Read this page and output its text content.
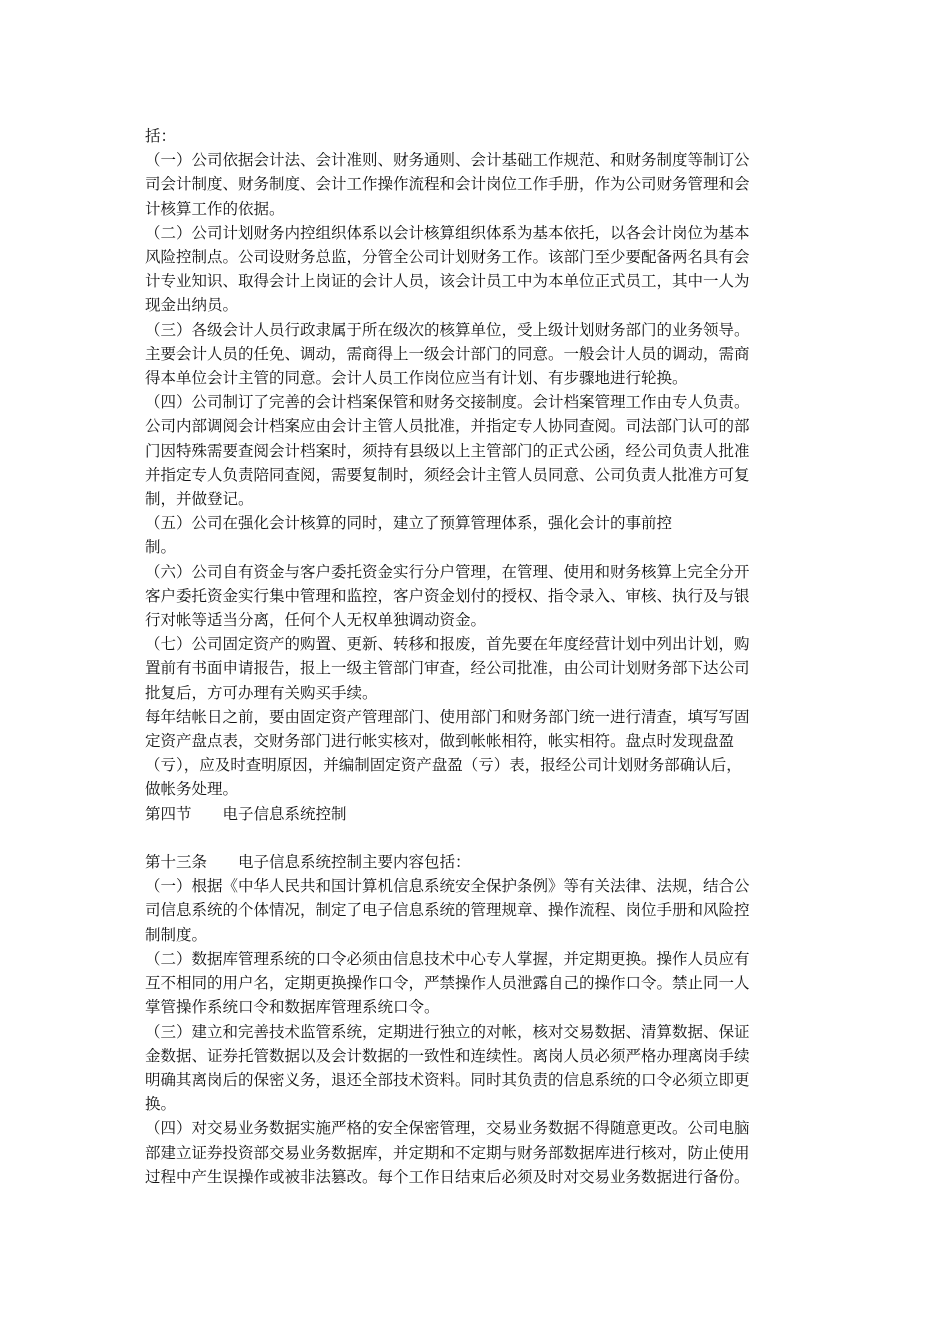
括：
（一）公司依据会计法、会计准则、财务通则、会计基础工作规范、和财务制度等制订公
司会计制度、财务制度、会计工作操作流程和会计岗位工作手册，作为公司财务管理和会
计核算工作的依据。
（二）公司计划财务内控组织体系以会计核算组织体系为基本依托，以各会计岗位为基本
风险控制点。公司设财务总监，分管全公司计划财务工作。该部门至少要配备两名具有会
计专业知识、取得会计上岗证的会计人员，该会计员工中为本单位正式员工，其中一人为
现金出纳员。
（三）各级会计人员行政隶属于所在级次的核算单位，受上级计划财务部门的业务领导。
主要会计人员的任免、调动，需商得上一级会计部门的同意。一般会计人员的调动，需商
得本单位会计主管的同意。会计人员工作岗位应当有计划、有步骤地进行轮换。
（四）公司制订了完善的会计档案保管和财务交接制度。会计档案管理工作由专人负责。
公司内部调阅会计档案应由会计主管人员批准，并指定专人协同查阅。司法部门认可的部
门因特殊需要查阅会计档案时，须持有县级以上主管部门的正式公函，经公司负责人批准
并指定专人负责陪同查阅，需要复制时，须经会计主管人员同意、公司负责人批准方可复
制，并做登记。
（五）公司在强化会计核算的同时，建立了预算管理体系，强化会计的事前控
制。
（六）公司自有资金与客户委托资金实行分户管理，在管理、使用和财务核算上完全分开
客户委托资金实行集中管理和监控，客户资金划付的授权、指令录入、审核、执行及与银
行对帐等适当分离，任何个人无权单独调动资金。
（七）公司固定资产的购置、更新、转移和报废，首先要在年度经营计划中列出计划，购
置前有书面申请报告，报上一级主管部门审查，经公司批准，由公司计划财务部下达公司
批复后，方可办理有关购买手续。
每年结帐日之前，要由固定资产管理部门、使用部门和财务部门统一进行清查，填写写固
定资产盘点表，交财务部门进行帐实核对，做到帐帐相符，帐实相符。盘点时发现盘盈
（亏），应及时查明原因，并编制固定资产盘盈（亏）表，报经公司计划财务部确认后，
做帐务处理。
第四节　　电子信息系统控制
第十三条　　电子信息系统控制主要内容包括：
（一）根据《中华人民共和国计算机信息系统安全保护条例》等有关法律、法规，结合公
司信息系统的个体情况，制定了电子信息系统的管理规章、操作流程、岗位手册和风险控
制制度。
（二）数据库管理系统的口令必须由信息技术中心专人掌握，并定期更换。操作人员应有
互不相同的用户名，定期更换操作口令，严禁操作人员泄露自己的操作口令。禁止同一人
掌管操作系统口令和数据库管理系统口令。
（三）建立和完善技术监管系统，定期进行独立的对帐，核对交易数据、清算数据、保证
金数据、证券托管数据以及会计数据的一致性和连续性。离岗人员必须严格办理离岗手续
明确其离岗后的保密义务，退还全部技术资料。同时其负责的信息系统的口令必须立即更
换。
（四）对交易业务数据实施严格的安全保密管理，交易业务数据不得随意更改。公司电脑
部建立证券投资部交易业务数据库，并定期和不定期与财务部数据库进行核对，防止使用
过程中产生误操作或被非法篡改。每个工作日结束后必须及时对交易业务数据进行备份。
